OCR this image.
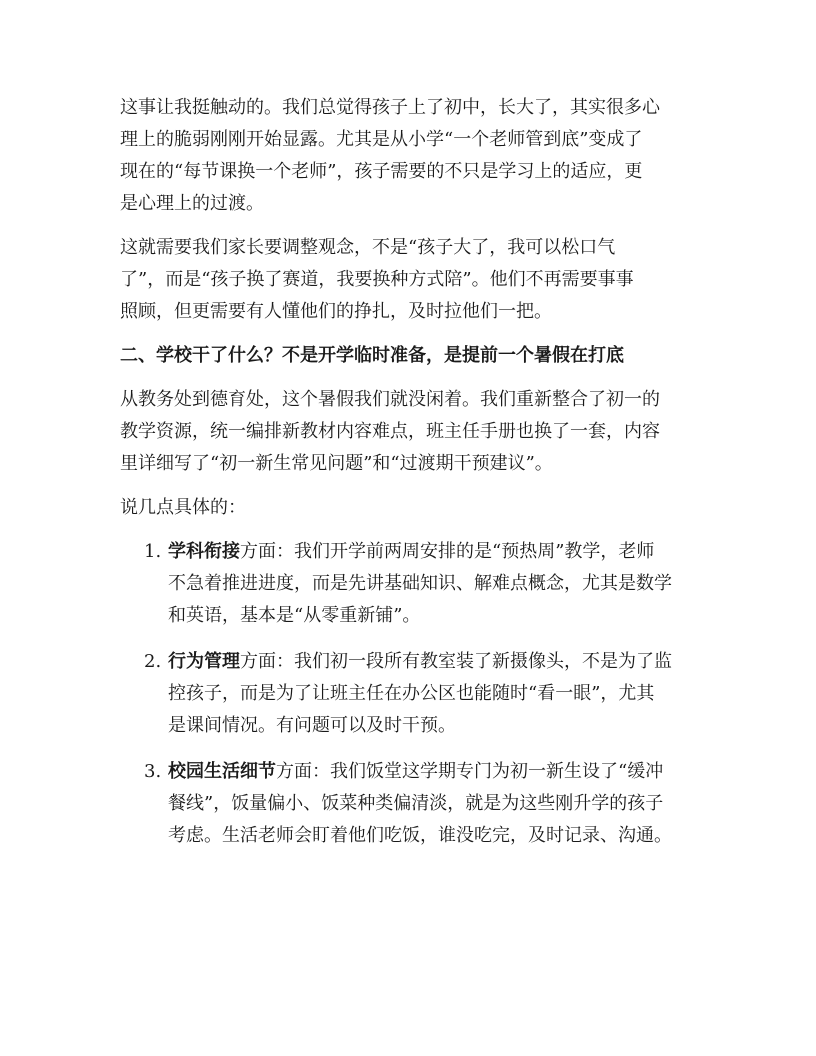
这事让我挺触动的。我们总觉得孩子上了初中，长大了，其实很多心
理上的脆弱刚刚开始显露。尤其是从小学“一个老师管到底”变成了
现在的“每节课换一个老师”，孩子需要的不只是学习上的适应，更
是心理上的过渡。

这就需要我们家长要调整观念，不是“孩子大了，我可以松口气
了”，而是“孩子换了赛道，我要换种方式陪”。他们不再需要事事
照顾，但更需要有人懂他们的挣扎，及时拉他们一把。

二、学校干了什么？不是开学临时准备，是提前一个暑假在打底

从教务处到德育处，这个暑假我们就没闲着。我们重新整合了初一的
教学资源，统一编排新教材内容难点，班主任手册也换了一套，内容
里详细写了“初一新生常见问题”和“过渡期干预建议”。

说几点具体的：

1. 学科衔接方面：我们开学前两周安排的是“预热周”教学，老师
不急着推进进度，而是先讲基础知识、解难点概念，尤其是数学
和英语，基本是“从零重新铺”。
2. 行为管理方面：我们初一段所有教室装了新摄像头，不是为了监
控孩子，而是为了让班主任在办公区也能随时“看一眼”，尤其
是课间情况。有问题可以及时干预。
3. 校园生活细节方面：我们饭堂这学期专门为初一新生设了“缓冲
餐线”，饭量偏小、饭菜种类偏清淡，就是为这些刚升学的孩子
考虑。生活老师会盯着他们吃饭，谁没吃完，及时记录、沟通。
